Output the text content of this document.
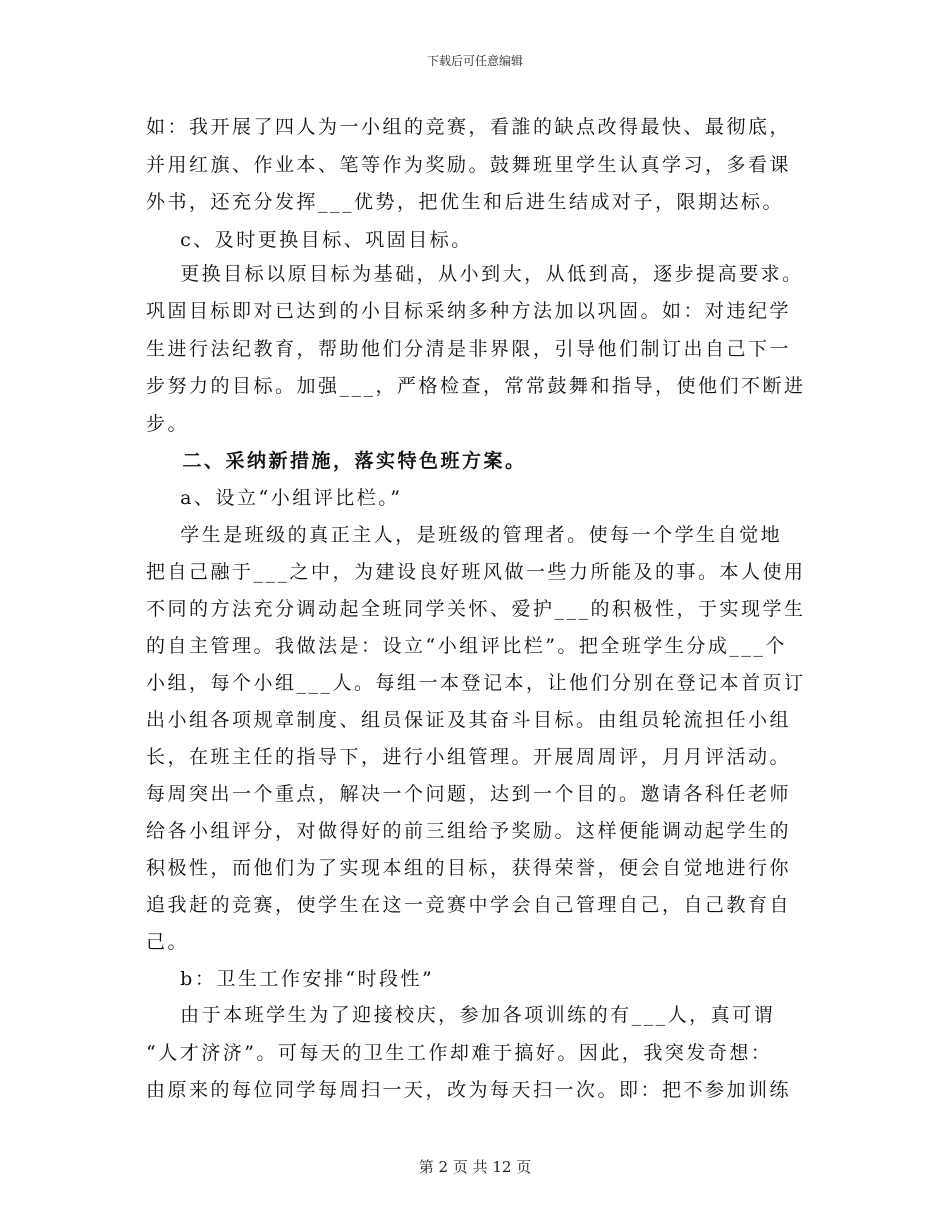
下载后可任意编辑
如：我开展了四人为一小组的竞赛，看誰的缺点改得最快、最彻底，
并用红旗、作业本、笔等作为奖励。鼓舞班里学生认真学习，多看课
外书，还充分发挥___优势，把优生和后进生结成对子，限期达标。
c、及时更换目标、巩固目标。
更换目标以原目标为基础，从小到大，从低到高，逐步提高要求。
巩固目标即对已达到的小目标采纳多种方法加以巩固。如：对违纪学
生进行法纪教育，帮助他们分清是非界限，引导他们制订出自己下一
步努力的目标。加强___，严格检查，常常鼓舞和指导，使他们不断进
步。
二、采纳新措施，落实特色班方案。
a、设立“小组评比栏。”
学生是班级的真正主人，是班级的管理者。使每一个学生自觉地
把自己融于___之中，为建设良好班风做一些力所能及的事。本人使用
不同的方法充分调动起全班同学关怀、爱护___的积极性，于实现学生
的自主管理。我做法是：设立“小组评比栏”。把全班学生分成___个
小组，每个小组___人。每组一本登记本，让他们分别在登记本首页订
出小组各项规章制度、组员保证及其奋斗目标。由组员轮流担任小组
长，在班主任的指导下，进行小组管理。开展周周评，月月评活动。
每周突出一个重点，解决一个问题，达到一个目的。邀请各科任老师
给各小组评分，对做得好的前三组给予奖励。这样便能调动起学生的
积极性，而他们为了实现本组的目标，获得荣誉，便会自觉地进行你
追我赶的竞赛，使学生在这一竞赛中学会自己管理自己，自己教育自
己。
b：卫生工作安排“时段性”
由于本班学生为了迎接校庆，参加各项训练的有___人，真可谓
“人才济济”。可每天的卫生工作却难于搞好。因此，我突发奇想：
由原来的每位同学每周扫一天，改为每天扫一次。即：把不参加训练
第 2 页 共 12 页
